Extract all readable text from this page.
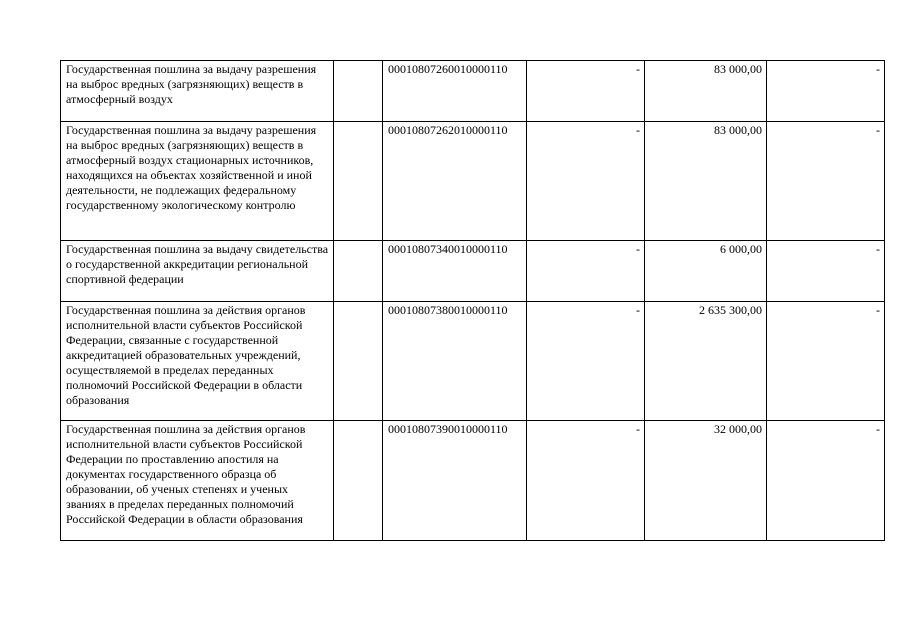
Государственная пошлина за выдачу разрешения на выброс вредных (загрязняющих) веществ в атмосферный воздух		00010807260010000110	-	83 000,00	-
Государственная пошлина за выдачу разрешения на выброс вредных (загрязняющих) веществ в атмосферный воздух стационарных источников, находящихся на объектах хозяйственной и иной деятельности, не подлежащих федеральному государственному экологическому контролю		00010807262010000110	-	83 000,00	-
Государственная пошлина за выдачу свидетельства о государственной аккредитации региональной спортивной федерации		00010807340010000110	-	6 000,00	-
Государственная пошлина за действия органов исполнительной власти субъектов Российской Федерации, связанные с государственной аккредитацией образовательных учреждений, осуществляемой в пределах переданных полномочий Российской Федерации в области образования		00010807380010000110	-	2 635 300,00	-
Государственная пошлина за действия органов исполнительной власти субъектов Российской Федерации по проставлению апостиля на документах государственного образца об образовании, об ученых степенях и ученых званиях в пределах переданных полномочий Российской Федерации в области образования		00010807390010000110	-	32 000,00	-
